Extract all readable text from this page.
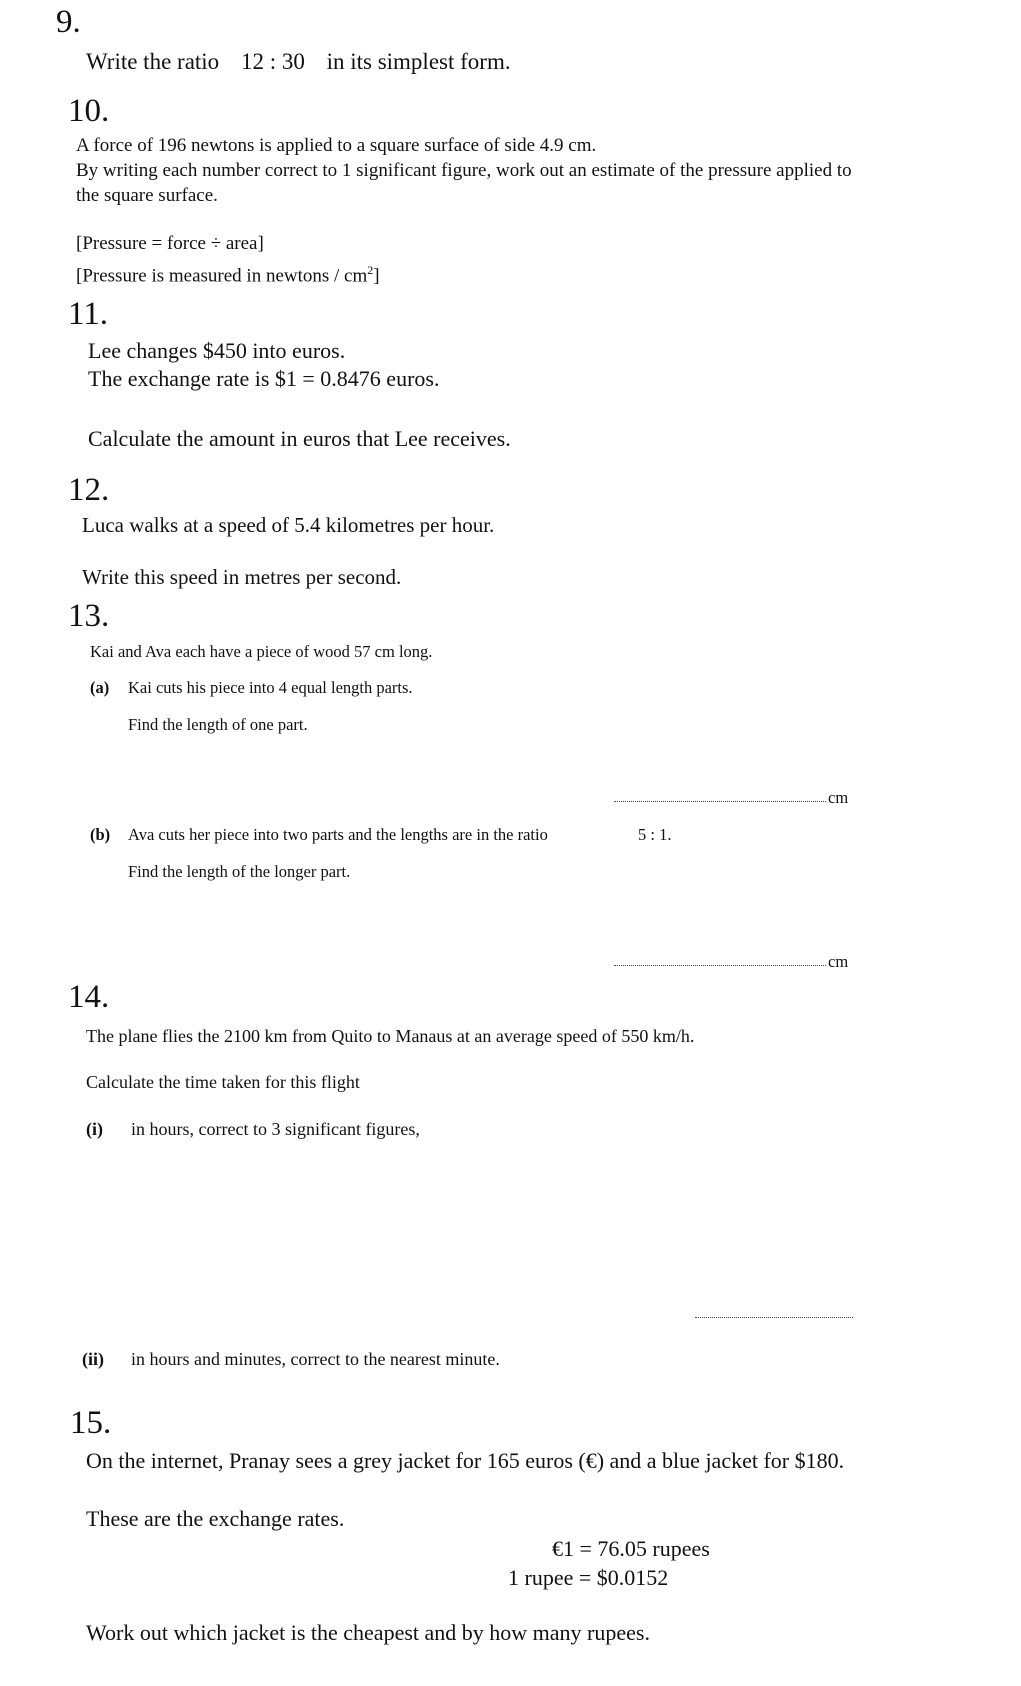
9.
Write the ratio 12 : 30 in its simplest form.
10.
A force of 196 newtons is applied to a square surface of side 4.9 cm.
By writing each number correct to 1 significant figure, work out an estimate of the pressure applied to
the square surface.
[Pressure = force ÷ area]
[Pressure is measured in newtons / $cm^2$]
11.
Lee changes $450 into euros.
The exchange rate is $1 = 0.8476 euros.
Calculate the amount in euros that Lee receives.
12.
Luca walks at a speed of 5.4 kilometres per hour.
Write this speed in metres per second.
13.
Kai and Ava each have a piece of wood 57 cm long.
(a) Kai cuts his piece into 4 equal length parts.
Find the length of one part.
cm
(b) Ava cuts her piece into two parts and the lengths are in the ratio	5 : 1.
Find the length of the longer part.
cm
14.
The plane flies the 2100 km from Quito to Manaus at an average speed of 550 km/h.
Calculate the time taken for this flight
(i) in hours, correct to 3 significant figures,
(ii) in hours and minutes, correct to the nearest minute.
15.
On the internet, Pranay sees a grey jacket for 165 euros (€) and a blue jacket for $180.
These are the exchange rates.
€1 = 76.05 rupees
1 rupee = $0.0152
Work out which jacket is the cheapest and by how many rupees.
